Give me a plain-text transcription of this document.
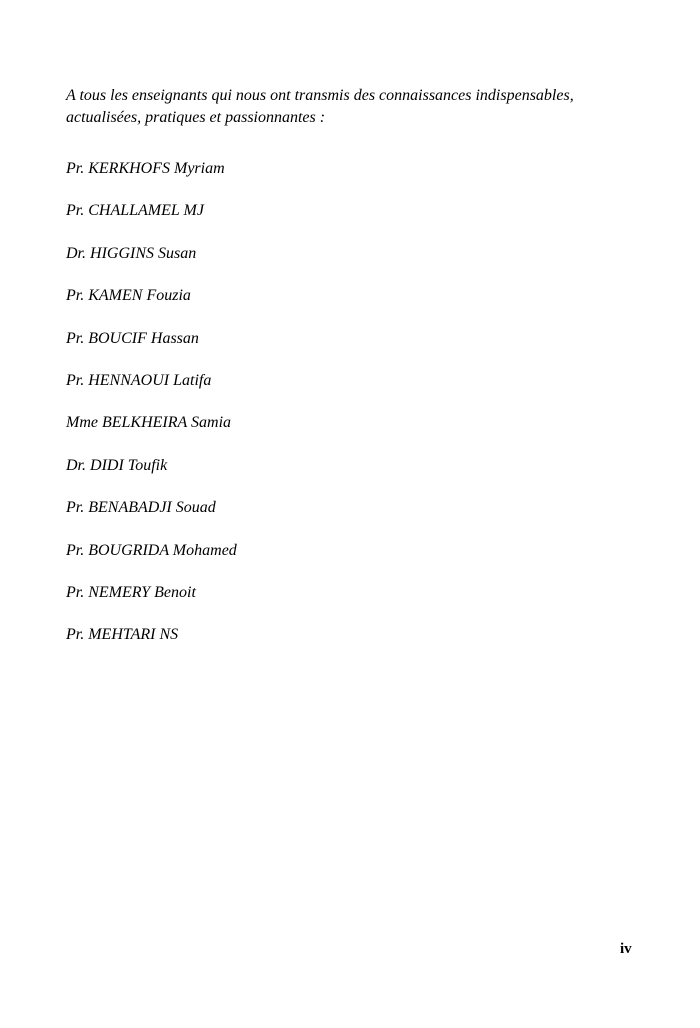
A tous les enseignants qui nous ont transmis des connaissances indispensables,
actualisées, pratiques et passionnantes :

Pr. KERKHOFS Myriam
Pr. CHALLAMEL MJ
Dr. HIGGINS Susan
Pr. KAMEN Fouzia
Pr. BOUCIF Hassan
Pr. HENNAOUI Latifa
Mme BELKHEIRA Samia
Dr. DIDI Toufik
Pr. BENABADJI Souad
Pr. BOUGRIDA Mohamed
Pr. NEMERY Benoit
Pr. MEHTARI NS

iv
